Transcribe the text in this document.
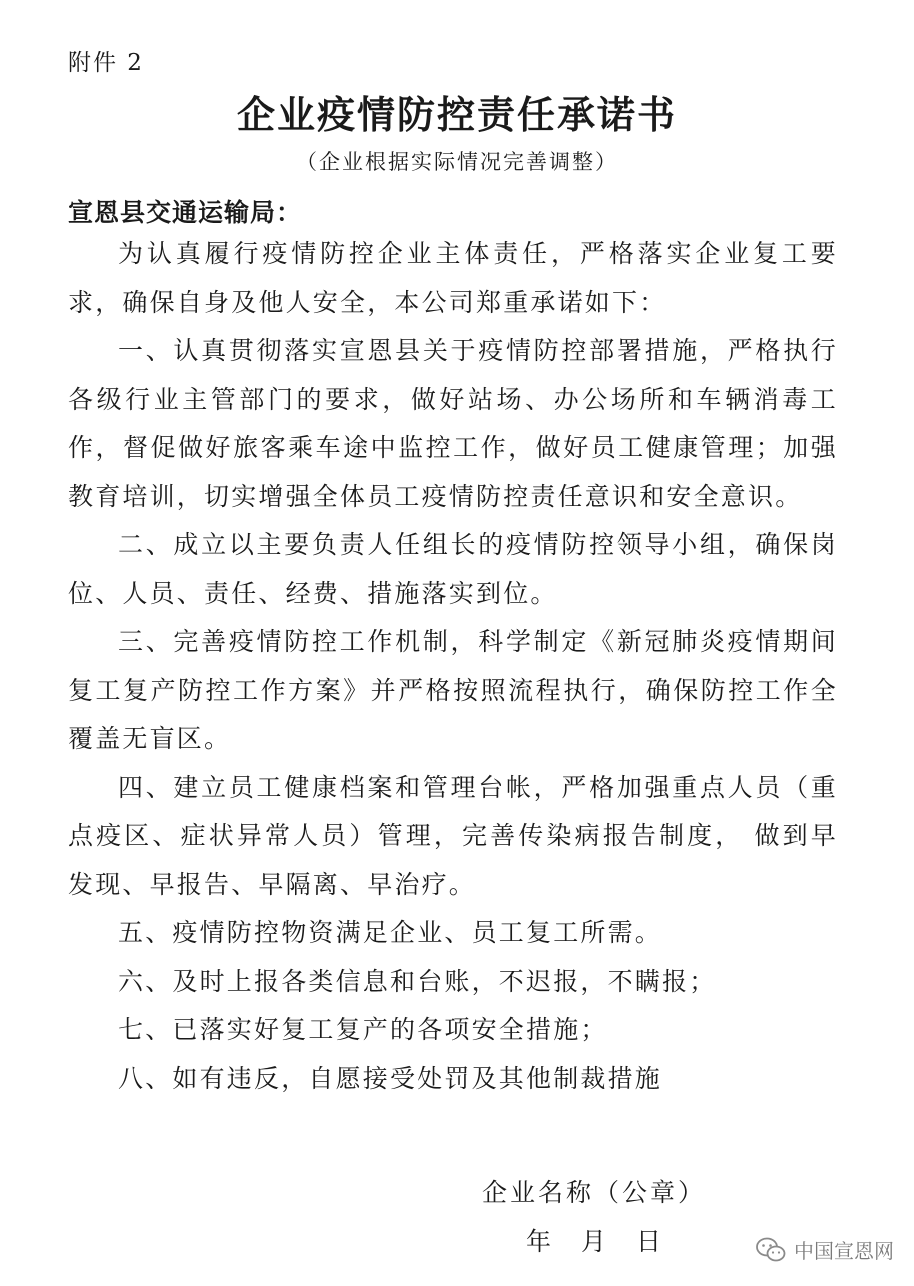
附件 2
企业疫情防控责任承诺书
（企业根据实际情况完善调整）
宣恩县交通运输局：

为认真履行疫情防控企业主体责任，严格落实企业复工要求，确保自身及他人安全，本公司郑重承诺如下：

一、认真贯彻落实宣恩县关于疫情防控部署措施，严格执行各级行业主管部门的要求，做好站场、办公场所和车辆消毒工作，督促做好旅客乘车途中监控工作，做好员工健康管理；加强教育培训，切实增强全体员工疫情防控责任意识和安全意识。

二、成立以主要负责人任组长的疫情防控领导小组，确保岗位、人员、责任、经费、措施落实到位。

三、完善疫情防控工作机制，科学制定《新冠肺炎疫情期间复工复产防控工作方案》并严格按照流程执行，确保防控工作全覆盖无盲区。

四、建立员工健康档案和管理台帐，严格加强重点人员（重点疫区、症状异常人员）管理，完善传染病报告制度， 做到早发现、早报告、早隔离、早治疗。

五、疫情防控物资满足企业、员工复工所需。

六、及时上报各类信息和台账，不迟报，不瞒报；

七、已落实好复工复产的各项安全措施；

八、如有违反，自愿接受处罚及其他制裁措施

企业名称（公章）
年 月 日	中国宣恩网
